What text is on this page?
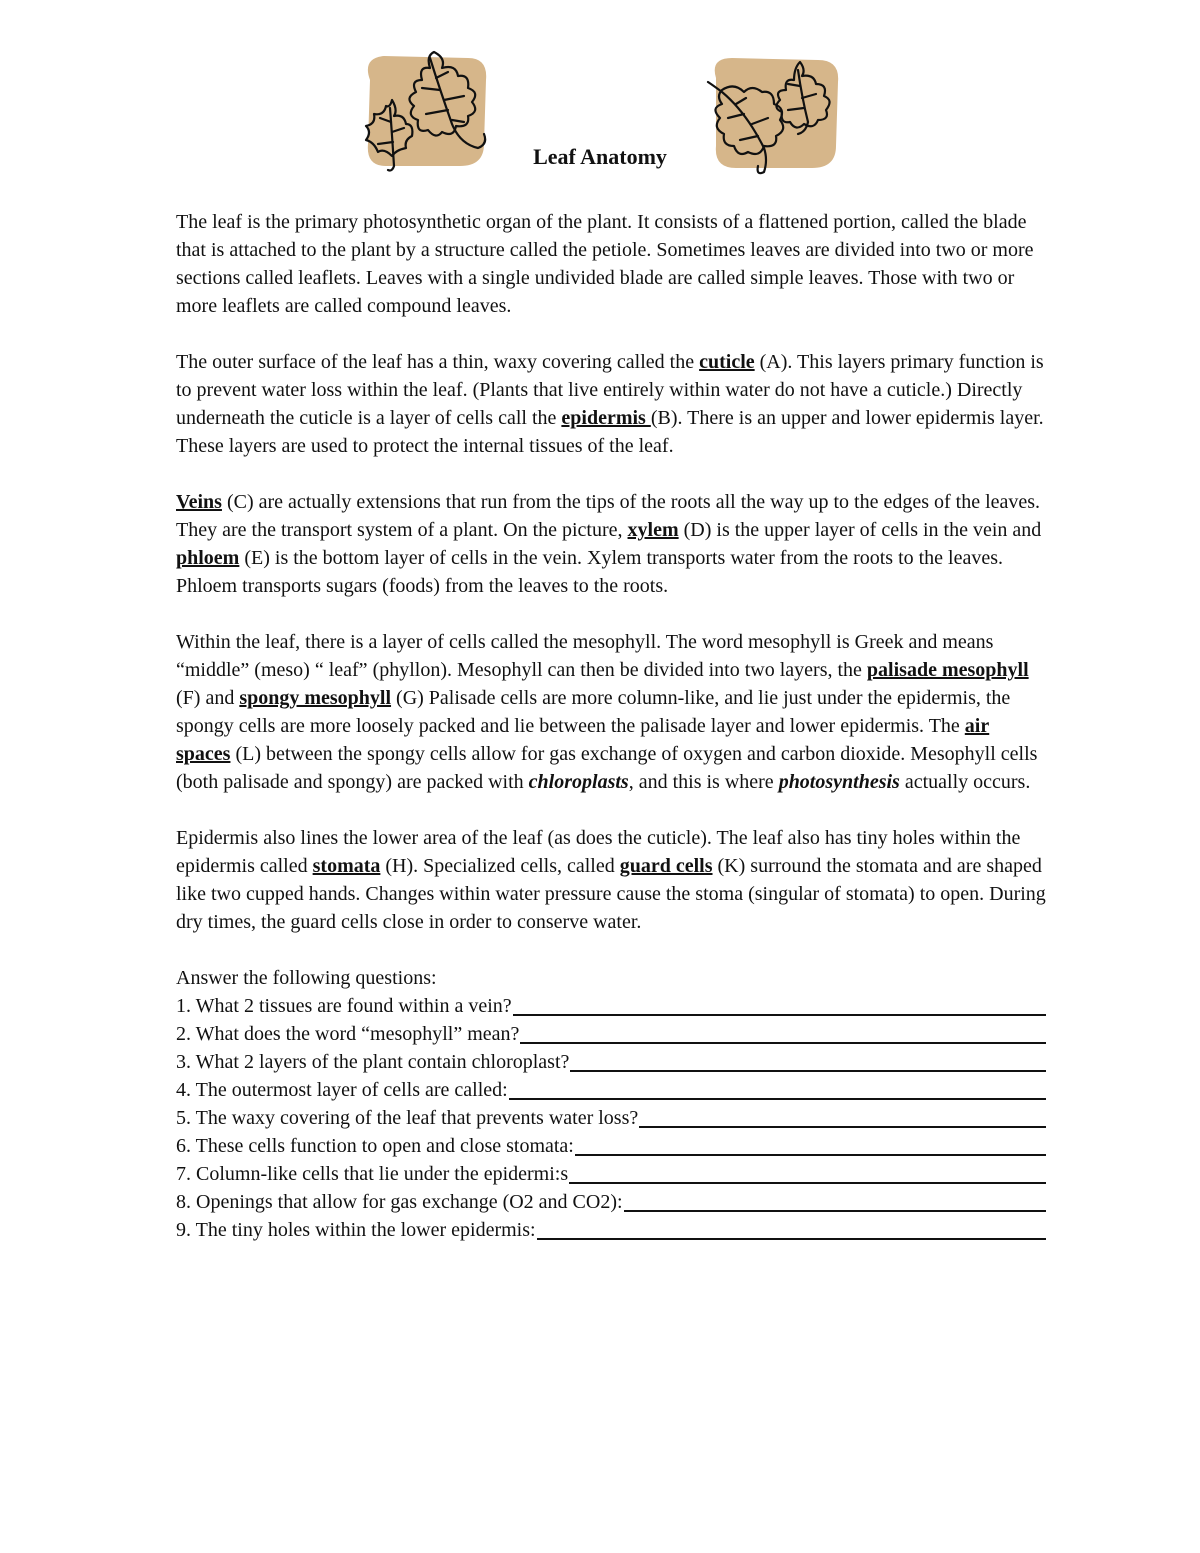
Leaf Anatomy

The leaf is the primary photosynthetic organ of the plant. It consists of a flattened portion, called the blade that is attached to the plant by a structure called the petiole. Sometimes leaves are divided into two or more sections called leaflets. Leaves with a single undivided blade are called simple leaves. Those with two or more leaflets are called compound leaves.

The outer surface of the leaf has a thin, waxy covering called the cuticle (A). This layers primary function is to prevent water loss within the leaf. (Plants that live entirely within water do not have a cuticle.) Directly underneath the cuticle is a layer of cells call the epidermis (B). There is an upper and lower epidermis layer. These layers are used to protect the internal tissues of the leaf.

Veins (C) are actually extensions that run from the tips of the roots all the way up to the edges of the leaves. They are the transport system of a plant. On the picture, xylem (D) is the upper layer of cells in the vein and phloem (E) is the bottom layer of cells in the vein. Xylem transports water from the roots to the leaves. Phloem transports sugars (foods) from the leaves to the roots.

Within the leaf, there is a layer of cells called the mesophyll. The word mesophyll is Greek and means “middle” (meso) “ leaf” (phyllon). Mesophyll can then be divided into two layers, the palisade mesophyll (F) and spongy mesophyll (G) Palisade cells are more column-like, and lie just under the epidermis, the spongy cells are more loosely packed and lie between the palisade layer and lower epidermis. The air spaces (L) between the spongy cells allow for gas exchange of oxygen and carbon dioxide. Mesophyll cells (both palisade and spongy) are packed with chloroplasts, and this is where photosynthesis actually occurs.

Epidermis also lines the lower area of the leaf (as does the cuticle). The leaf also has tiny holes within the epidermis called stomata (H). Specialized cells, called guard cells (K) surround the stomata and are shaped like two cupped hands. Changes within water pressure cause the stoma (singular of stomata) to open. During dry times, the guard cells close in order to conserve water.

Answer the following questions:
1. What 2 tissues are found within a vein?
2. What does the word “mesophyll” mean?
3. What 2 layers of the plant contain chloroplast?
4. The outermost layer of cells are called:
5. The waxy covering of the leaf that prevents water loss?
6. These cells function to open and close stomata:
7. Column-like cells that lie under the epidermi:s
8. Openings that allow for gas exchange (O2 and CO2):
9. The tiny holes within the lower epidermis:
